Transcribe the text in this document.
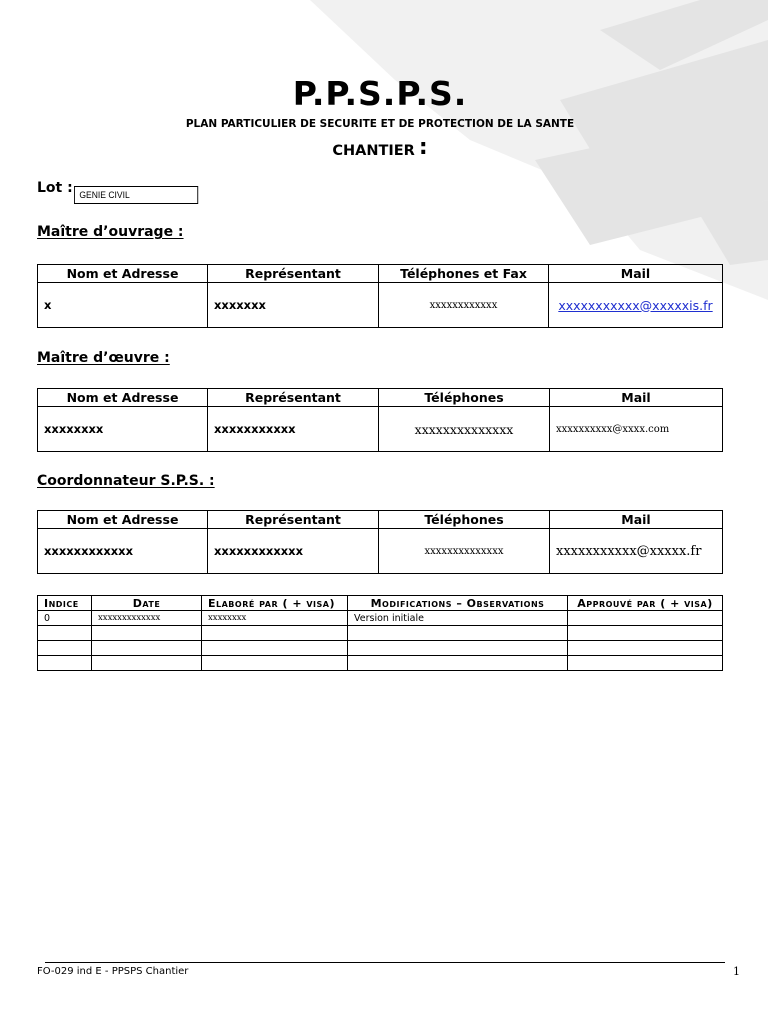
P.P.S.P.S.
PLAN PARTICULIER DE SECURITE ET DE PROTECTION DE LA SANTE
CHANTIER :
Lot : GENIE CIVIL
Maître d’ouvrage :
Nom et Adresse	Représentant	Téléphones et Fax	Mail
x	xxxxxxx	xxxxxxxxxxxx	xxxxxxxxxxx@xxxxxis.fr
Maître d’œuvre :
Nom et Adresse	Représentant	Téléphones	Mail
xxxxxxxx	xxxxxxxxxxx	xxxxxxxxxxxxxx	xxxxxxxxxx@xxxx.com
Coordonnateur S.P.S. :
Nom et Adresse	Représentant	Téléphones	Mail
xxxxxxxxxxxx	xxxxxxxxxxxx	xxxxxxxxxxxxxx	xxxxxxxxxxx@xxxxx.fr
Indice	Date	Elaboré par ( + visa)	Modifications – Observations	Approuvé par ( + visa)
0	xxxxxxxxxxxxx	xxxxxxxx	Version initiale	

FO-029 ind E - PPSPS Chantier	1
